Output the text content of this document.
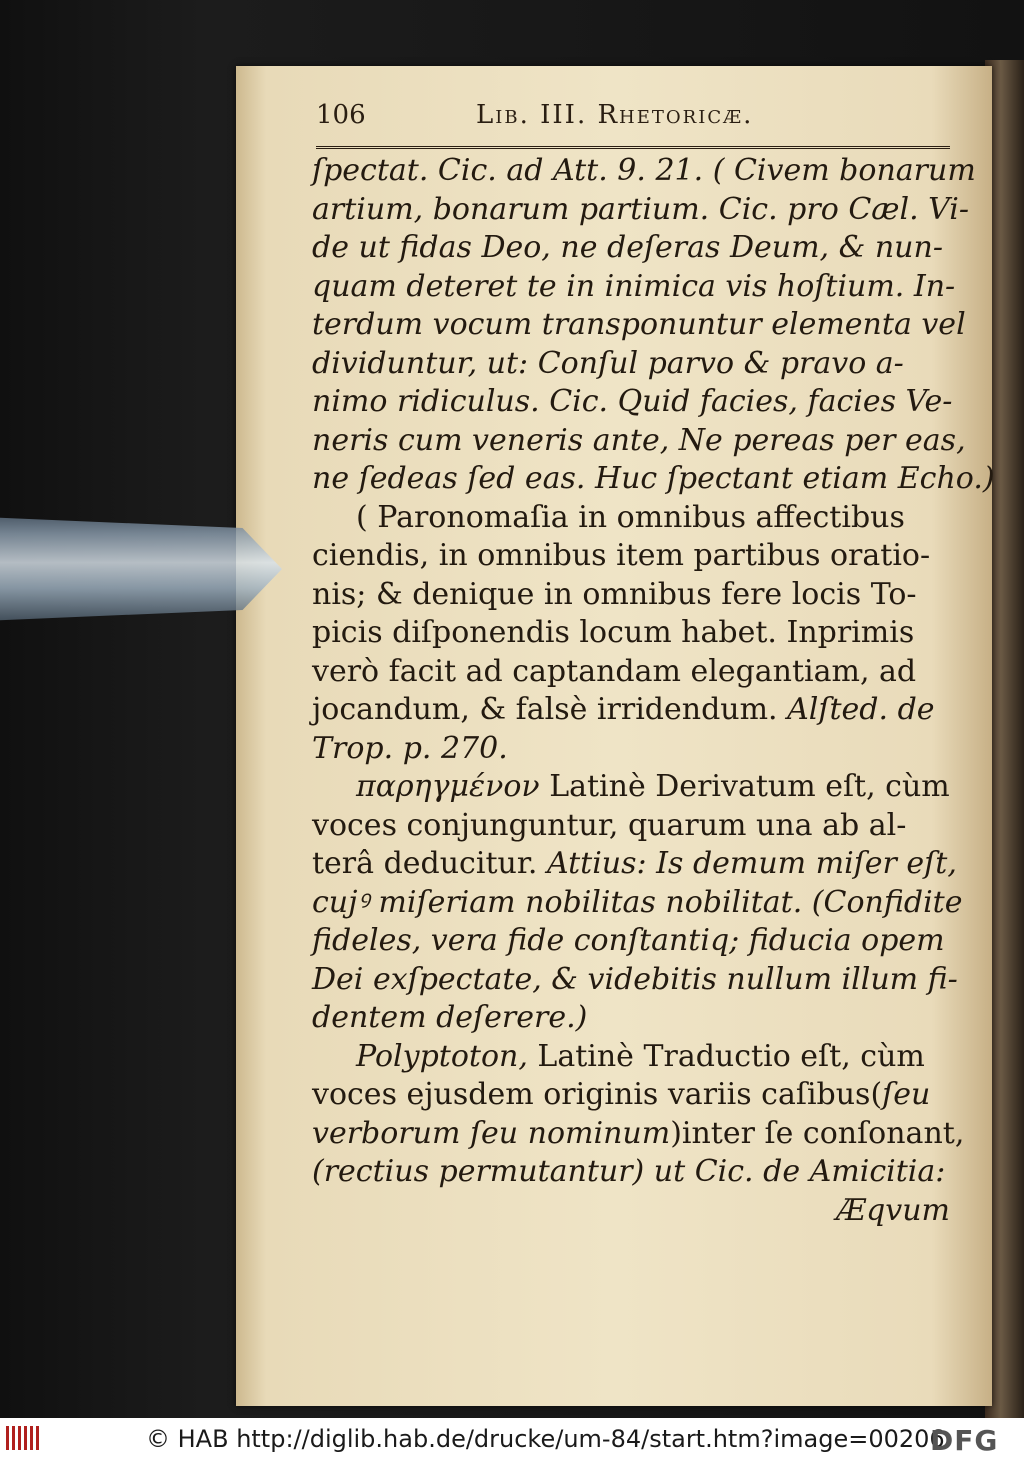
106	Lib. III. Rhetoricæ.
ſpectat. Cic. ad Att. 9. 21. ( Civem bonarum
artium, bonarum partium. Cic. pro Cæl. Vi-
de ut fidas Deo, ne deſeras Deum, & nun-
quam deteret te in inimica vis hoſtium. In-
terdum vocum transponuntur elementa vel
dividuntur, ut: Conſul parvo & pravo a-
nimo ridiculus. Cic. Quid facies, facies Ve-
neris cum veneris ante, Ne pereas per eas,
ne ſedeas ſed eas. Huc ſpectant etiam Echo.)
( Paronomaſia in omnibus affectibus
ciendis, in omnibus item partibus oratio-
nis; & denique in omnibus fere locis To-
picis diſponendis locum habet. Inprimis
verò facit ad captandam elegantiam, ad
jocandum, & falsè irridendum. Alſted. de
Trop. p. 270.
παρηγμένον Latinè Derivatum eſt, cùm
voces conjunguntur, quarum una ab al-
terâ deducitur. Attius: Is demum miſer eſt,
cujꝰ miſeriam nobilitas nobilitat. (Confidite
fideles, vera fide conſtantiq; fiducia opem
Dei exſpectate, & videbitis nullum illum fi-
dentem deſerere.)
Polyptoton, Latinè Traductio eſt, cùm
voces ejusdem originis variis caſibus(ſeu
verborum ſeu nominum)inter ſe conſonant,
(rectius permutantur) ut Cic. de Amicitia:
Æqvum
© HAB http://diglib.hab.de/drucke/um-84/start.htm?image=00206
DFG
